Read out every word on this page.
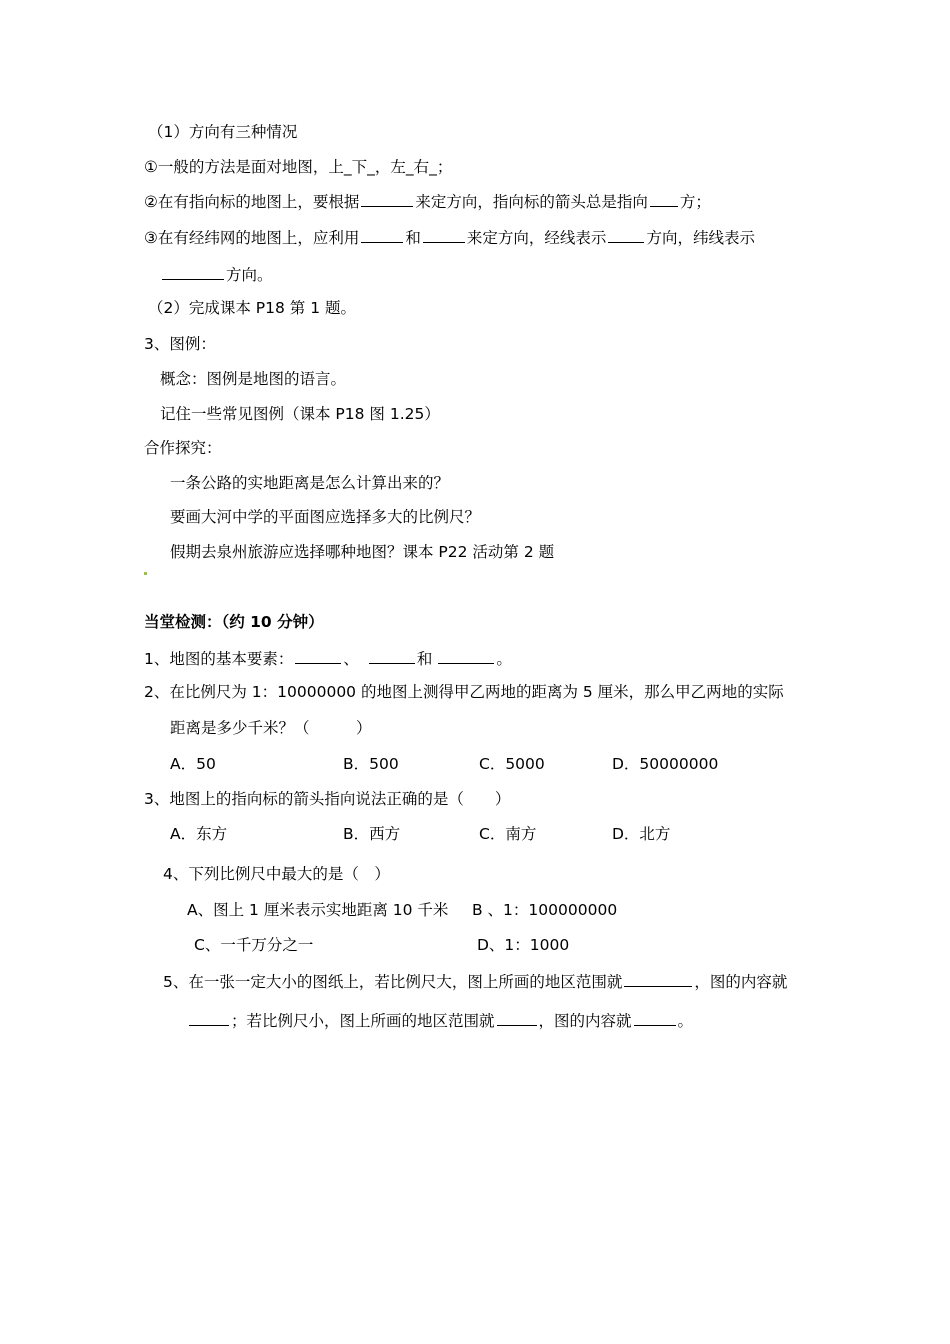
（1）方向有三种情况
①一般的方法是面对地图，上_下_，左_右_；
②在有指向标的地图上，要根据	来定方向，指向标的箭头总是指向 方；
③在有经纬网的地图上，应利用	和	来定方向，经线表示	方向，纬线表示
方向。
（2）完成课本 P18 第 1 题。
3、图例：
概念：图例是地图的语言。
记住一些常见图例（课本 P18 图 1.25）
合作探究：
一条公路的实地距离是怎么计算出来的？
要画大河中学的平面图应选择多大的比例尺？
假期去泉州旅游应选择哪种地图？课本 P22 活动第 2 题
当堂检测：（约 10 分钟）
1、地图的基本要素：	、	和	。
2、在比例尺为 1：10000000 的地图上测得甲乙两地的距离为 5 厘米，那么甲乙两地的实际
距离是多少千米？（　　　）
A．50	B．500	C．5000	D．50000000
3、地图上的指向标的箭头指向说法正确的是（　　）
A．东方	B．西方	C．南方	D．北方
4、下列比例尺中最大的是（　）
A、图上 1 厘米表示实地距离 10 千米 B 、1：100000000
C、一千万分之一	D、1：1000
5、在一张一定大小的图纸上，若比例尺大，图上所画的地区范围就	，图的内容就
；若比例尺小，图上所画的地区范围就	，图的内容就	。
